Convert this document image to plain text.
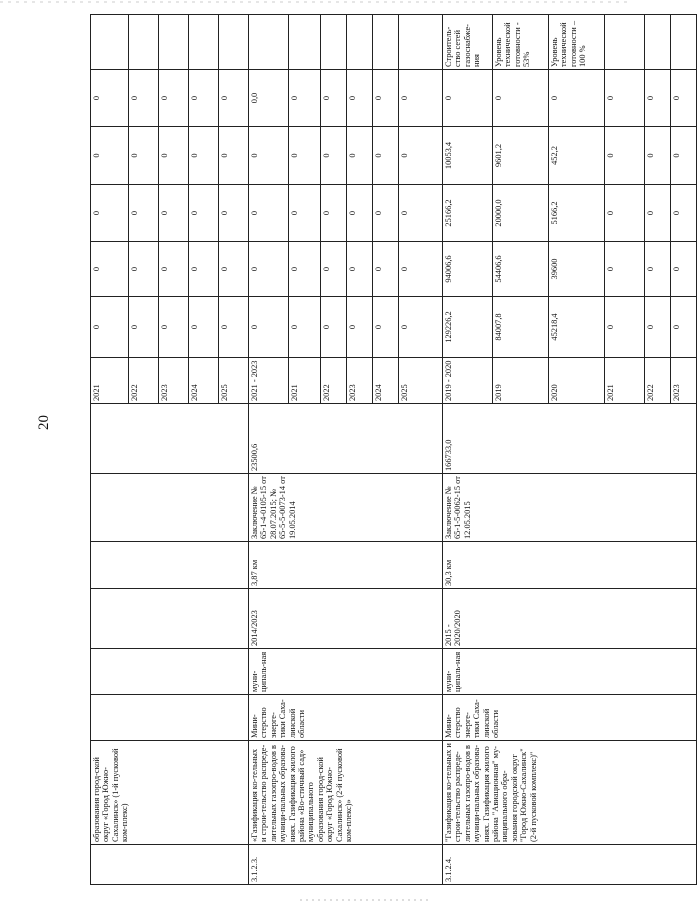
20
	образования город-ской округ «Город Южно-Сахалинск» (1-й пусковой ком-плекс)							2021	0	0	0	0	0	
								2022	0	0	0	0	0	
								2023	0	0	0	0	0	
								2024	0	0	0	0	0	
								2025	0	0	0	0	0	
3.1.2.3.	«Газификация ко-тельных и строи-тельство распреде-лительных газопро-водов в муници-пальных образова-ниях. Газификация жилого района «Во-стичный сад» муниципального образования город-ской округ «Город Южно-Сахалинск» (2-й пусковой ком-плекс)»	Мини-стерство энерге-тики Саха-линской области	муни-ципаль-ная	2014/2023	3,87 км	Заключение № 65-1-4-0105-15 от 28.07.2015; № 65-5-5-0073-14 от 19.05.2014	23500,6	2021 - 2023	0	0	0	0	0,0	
								2021	0	0	0	0	0	
								2022	0	0	0	0	0	
								2023	0	0	0	0	0	
								2024	0	0	0	0	0	
								2025	0	0	0	0	0	
3.1.2.4.	"Газификация ко-тельных и строи-тельство распреде-лительных газопро-водов в муници-пальных образова-ниях. Газификация жилого района "Авиационная" му-ниципального обра-зования городской округ "Город Южно-Сахалинск" (2-й пусковой комплекс)"	Мини-стерство энерге-тики Саха-линской области	муни-ципаль-ная	2015 - 2020/2020	30,3 км	Заключение № 65-1-5-0062-15 от 12.05.2015	166733,0	2019 - 2020	129226,2	94006,6	25166,2	10053,4	0	Строитель-ство сетей газоснабже-ния
								2019	84007,8	54406,6	20000,0	9601,2	0	Уровень технической готовности - 53%
								2020	45218,4	39600	5166,2	452,2	0	Уровень технической готовности – 100 %
								2021	0	0	0	0	0	
								2022	0	0	0	0	0	
								2023	0	0	0	0	0	
